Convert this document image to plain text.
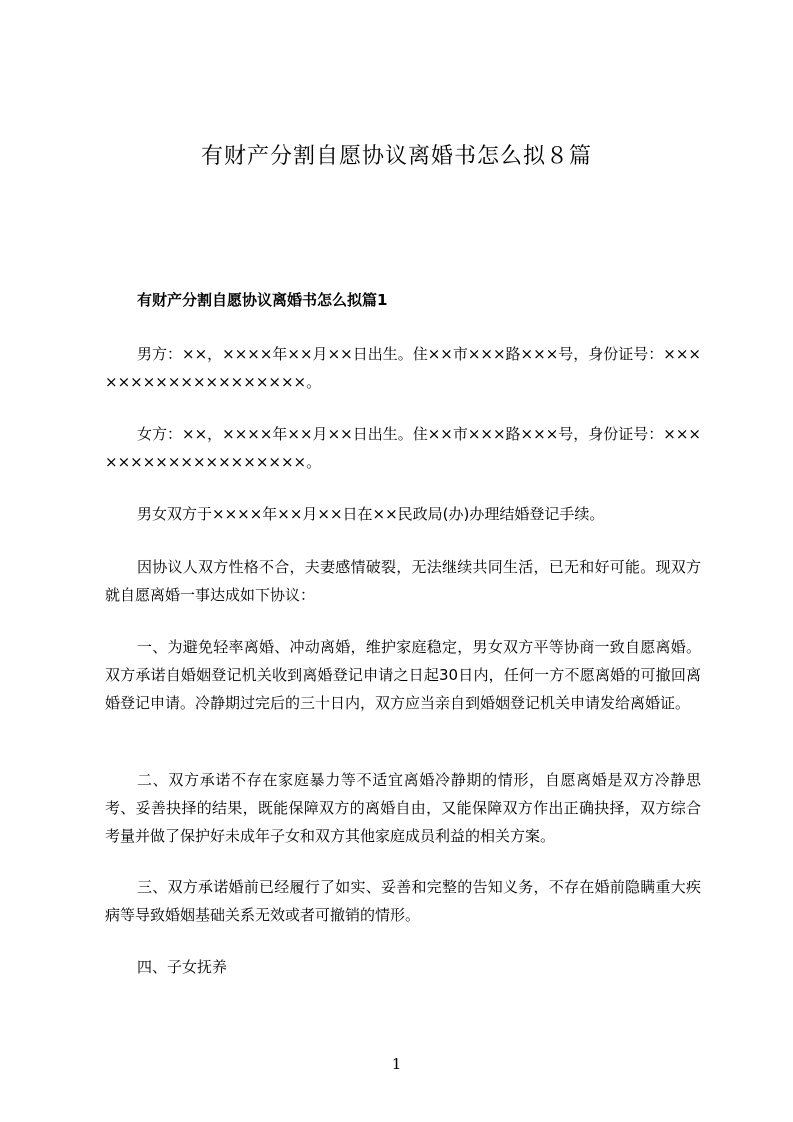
有财产分割自愿协议离婚书怎么拟８篇
有财产分割自愿协议离婚书怎么拟篇1

男方：××，××××年××月××日出生。住××市×××路×××号，身份证号：×××××××××××××××××××。

女方：××，××××年××月××日出生。住××市×××路×××号，身份证号：×××××××××××××××××××。

男女双方于××××年××月××日在××民政局(办)办理结婚登记手续。

因协议人双方性格不合，夫妻感情破裂，无法继续共同生活，已无和好可能。现双方就自愿离婚一事达成如下协议：

一、为避免轻率离婚、冲动离婚，维护家庭稳定，男女双方平等协商一致自愿离婚。双方承诺自婚姻登记机关收到离婚登记申请之日起30日内，任何一方不愿离婚的可撤回离婚登记申请。冷静期过完后的三十日内，双方应当亲自到婚姻登记机关申请发给离婚证。

二、双方承诺不存在家庭暴力等不适宜离婚冷静期的情形，自愿离婚是双方冷静思考、妥善抉择的结果，既能保障双方的离婚自由，又能保障双方作出正确抉择，双方综合考量并做了保护好未成年子女和双方其他家庭成员利益的相关方案。

三、双方承诺婚前已经履行了如实、妥善和完整的告知义务，不存在婚前隐瞒重大疾病等导致婚姻基础关系无效或者可撤销的情形。

四、子女抚养

1
